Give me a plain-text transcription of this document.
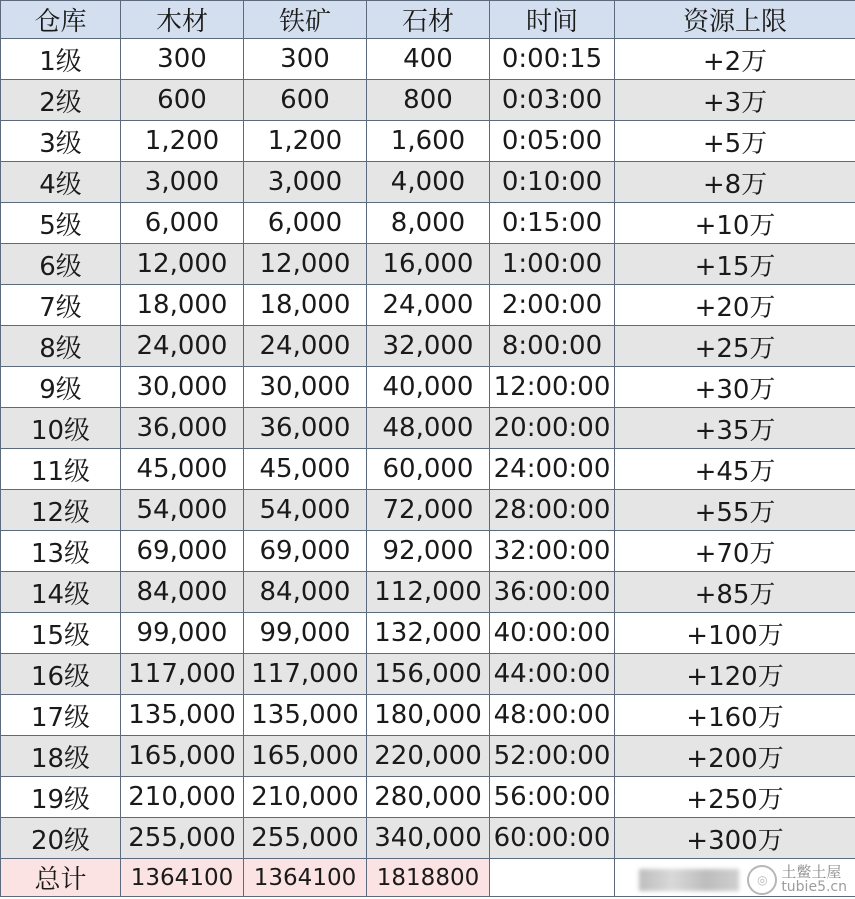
仓库	木材	铁矿	石材	时间	资源上限
1级	300	300	400	0:00:15	+2万
2级	600	600	800	0:03:00	+3万
3级	1,200	1,200	1,600	0:05:00	+5万
4级	3,000	3,000	4,000	0:10:00	+8万
5级	6,000	6,000	8,000	0:15:00	+10万
6级	12,000	12,000	16,000	1:00:00	+15万
7级	18,000	18,000	24,000	2:00:00	+20万
8级	24,000	24,000	32,000	8:00:00	+25万
9级	30,000	30,000	40,000	12:00:00	+30万
10级	36,000	36,000	48,000	20:00:00	+35万
11级	45,000	45,000	60,000	24:00:00	+45万
12级	54,000	54,000	72,000	28:00:00	+55万
13级	69,000	69,000	92,000	32:00:00	+70万
14级	84,000	84,000	112,000	36:00:00	+85万
15级	99,000	99,000	132,000	40:00:00	+100万
16级	117,000	117,000	156,000	44:00:00	+120万
17级	135,000	135,000	180,000	48:00:00	+160万
18级	165,000	165,000	220,000	52:00:00	+200万
19级	210,000	210,000	280,000	56:00:00	+250万
20级	255,000	255,000	340,000	60:00:00	+300万
总计	1364100	1364100	1818800			◎ 土鳖土屋
tubie5.cn
